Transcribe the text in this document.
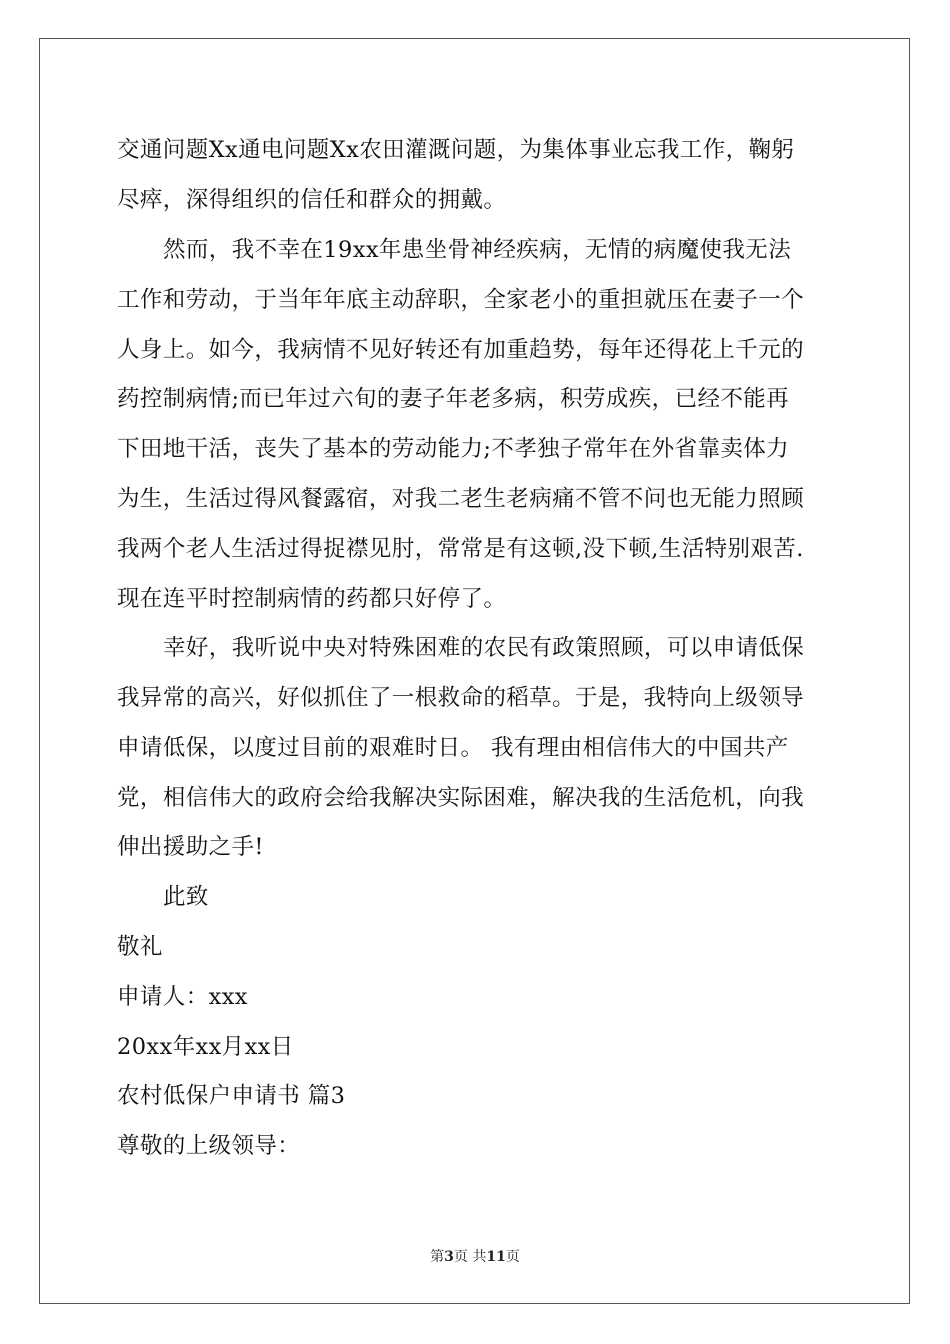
交通问题Xx通电问题Xx农田灌溉问题，为集体事业忘我工作，鞠躬
尽瘁，深得组织的信任和群众的拥戴。
然而，我不幸在19xx年患坐骨神经疾病，无情的病魔使我无法
工作和劳动，于当年年底主动辞职，全家老小的重担就压在妻子一个
人身上。如今，我病情不见好转还有加重趋势，每年还得花上千元的
药控制病情;而已年过六旬的妻子年老多病，积劳成疾，已经不能再
下田地干活，丧失了基本的劳动能力;不孝独子常年在外省靠卖体力
为生，生活过得风餐露宿，对我二老生老病痛不管不问也无能力照顾
我两个老人生活过得捉襟见肘，常常是有这顿,没下顿,生活特别艰苦.
现在连平时控制病情的药都只好停了。
幸好，我听说中央对特殊困难的农民有政策照顾，可以申请低保
我异常的高兴，好似抓住了一根救命的稻草。于是，我特向上级领导
申请低保，以度过目前的艰难时日。 我有理由相信伟大的中国共产
党，相信伟大的政府会给我解决实际困难，解决我的生活危机，向我
伸出援助之手!
此致
敬礼
申请人：xxx
20xx年xx月xx日
农村低保户申请书 篇3
尊敬的上级领导：
第3页 共11页
